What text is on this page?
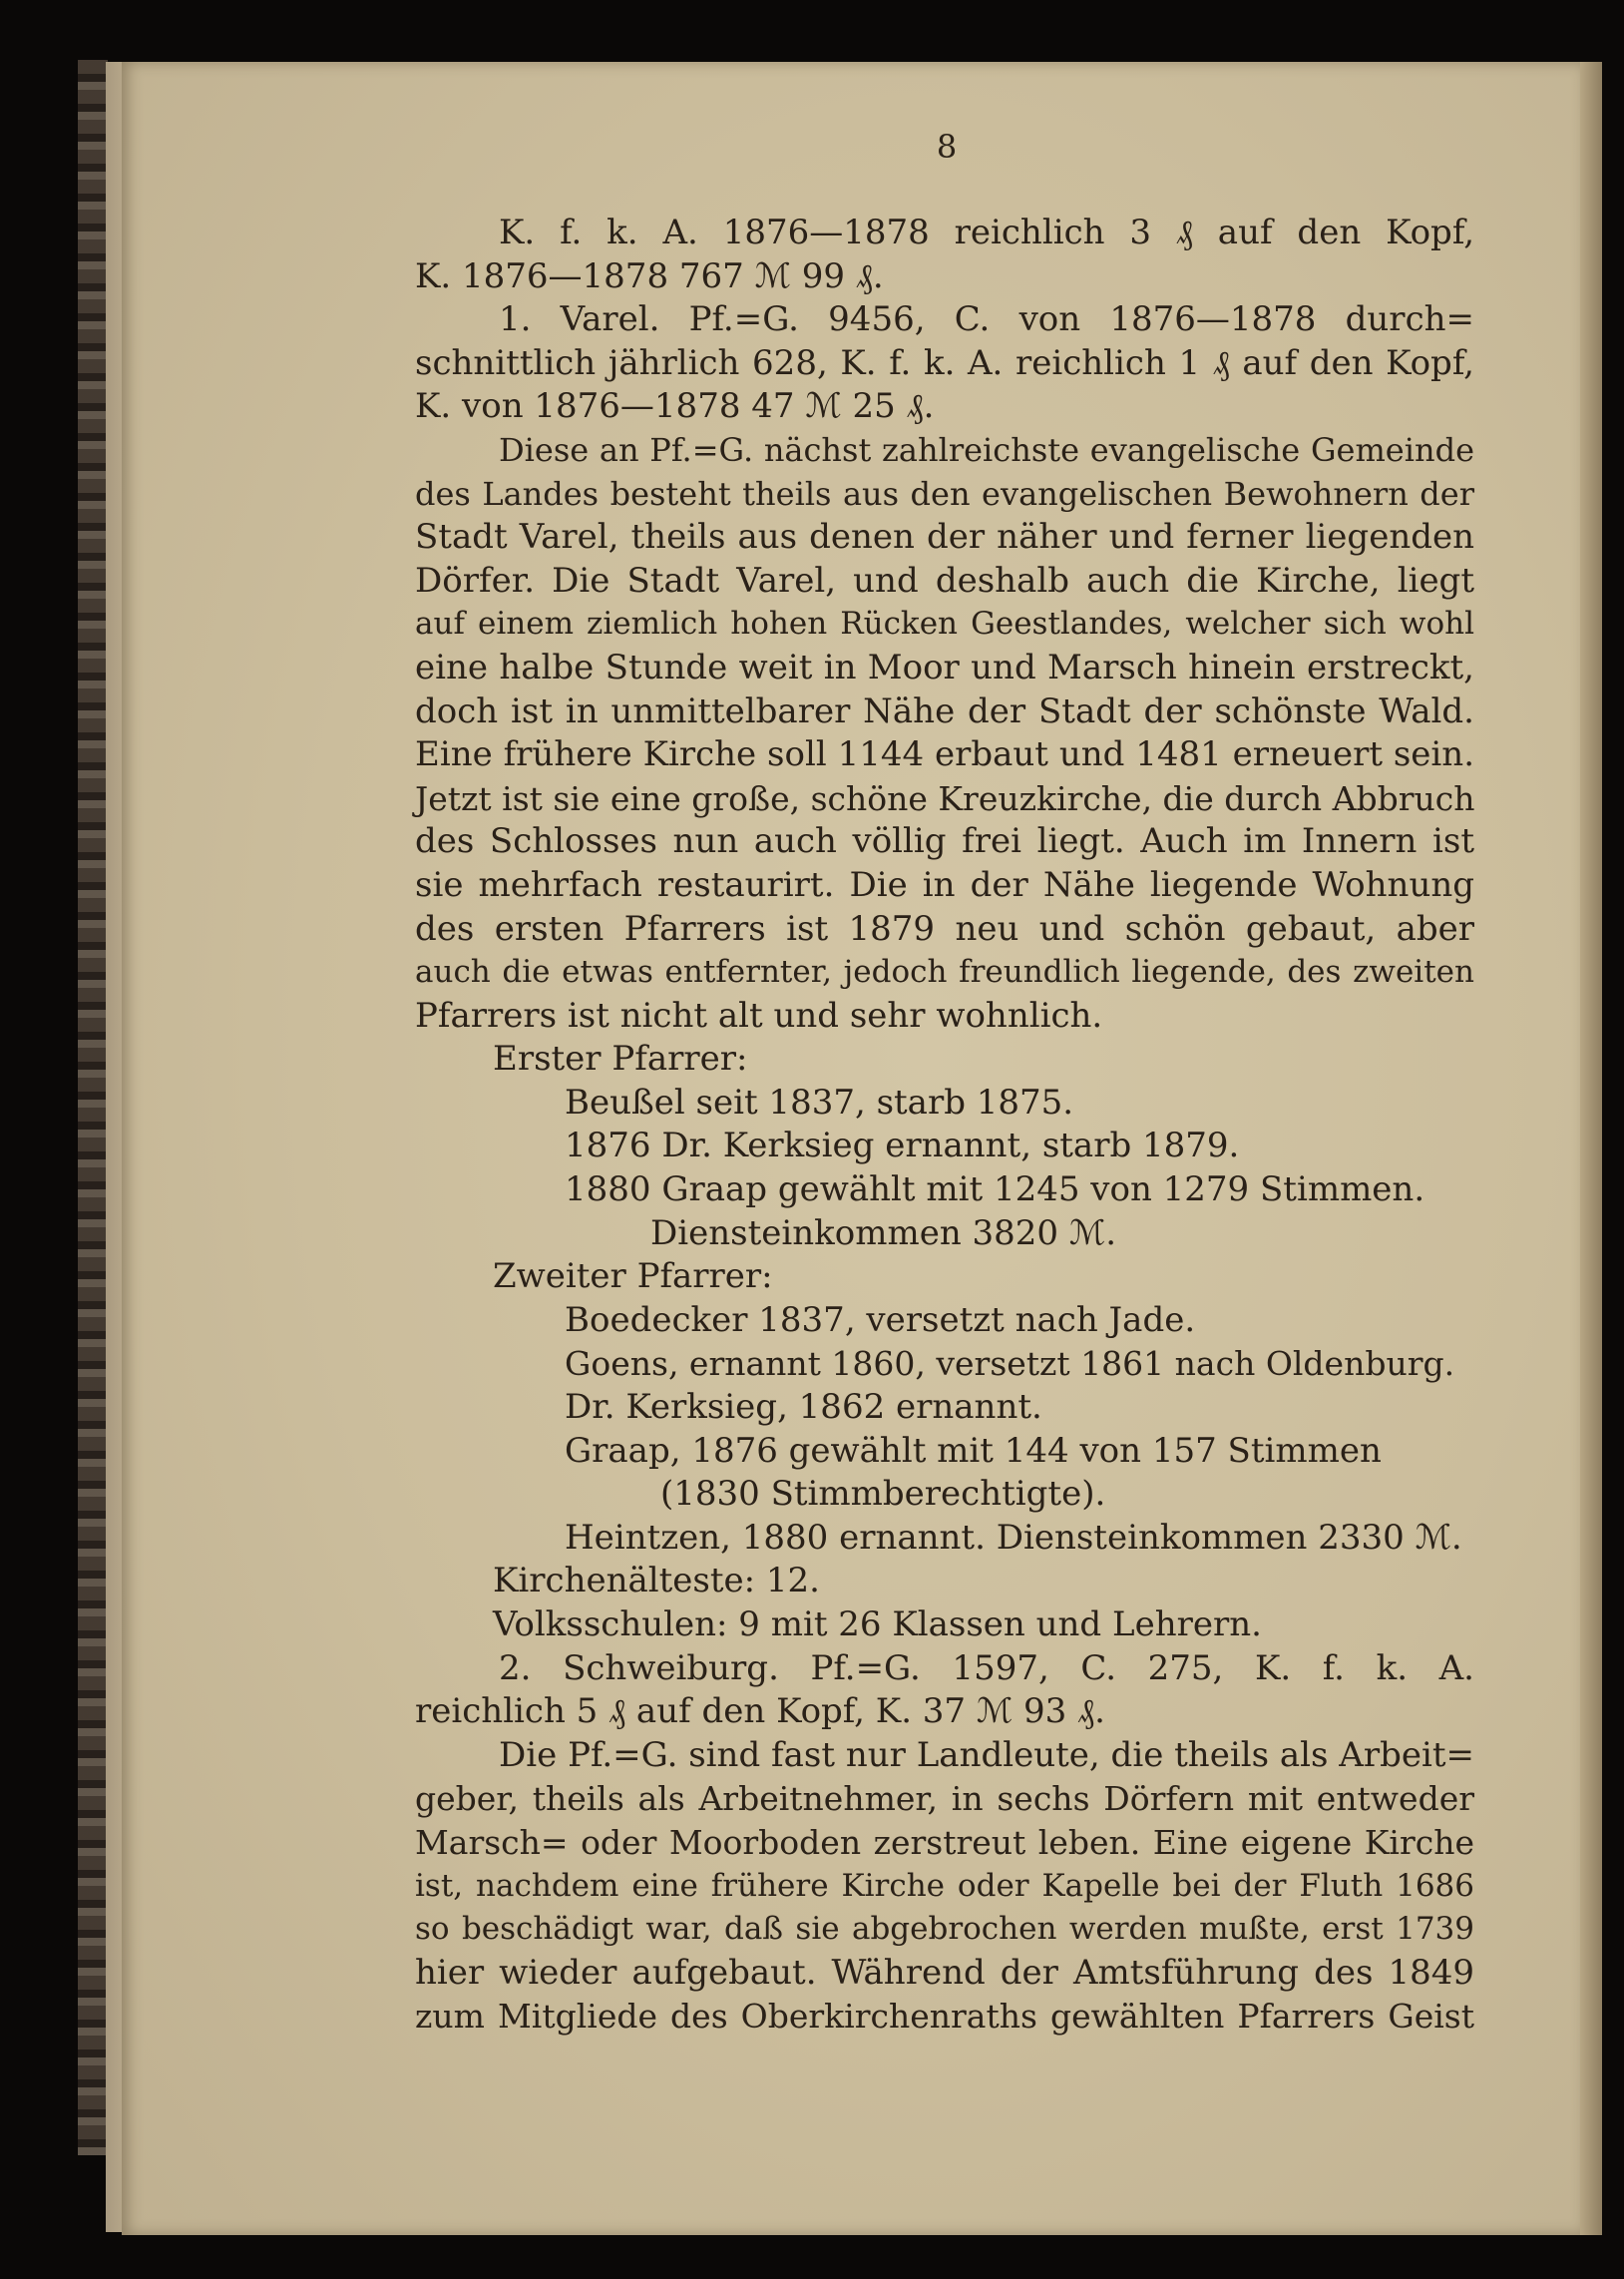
8
K. f. k. A. 1876—1878 reichlich 3 ₰ auf den Kopf,
K. 1876—1878 767 ℳ 99 ₰.
1. Varel. Pf.=G. 9456, C. von 1876—1878 durch=
schnittlich jährlich 628, K. f. k. A. reichlich 1 ₰ auf den Kopf,
K. von 1876—1878 47 ℳ 25 ₰.
Diese an Pf.=G. nächst zahlreichste evangelische Gemeinde
des Landes besteht theils aus den evangelischen Bewohnern der
Stadt Varel, theils aus denen der näher und ferner liegenden
Dörfer. Die Stadt Varel, und deshalb auch die Kirche, liegt
auf einem ziemlich hohen Rücken Geestlandes, welcher sich wohl
eine halbe Stunde weit in Moor und Marsch hinein erstreckt,
doch ist in unmittelbarer Nähe der Stadt der schönste Wald.
Eine frühere Kirche soll 1144 erbaut und 1481 erneuert sein.
Jetzt ist sie eine große, schöne Kreuzkirche, die durch Abbruch
des Schlosses nun auch völlig frei liegt. Auch im Innern ist
sie mehrfach restaurirt. Die in der Nähe liegende Wohnung
des ersten Pfarrers ist 1879 neu und schön gebaut, aber
auch die etwas entfernter, jedoch freundlich liegende, des zweiten
Pfarrers ist nicht alt und sehr wohnlich.
Erster Pfarrer:
Beußel seit 1837, starb 1875.
1876 Dr. Kerksieg ernannt, starb 1879.
1880 Graap gewählt mit 1245 von 1279 Stimmen.
Diensteinkommen 3820 ℳ.
Zweiter Pfarrer:
Boedecker 1837, versetzt nach Jade.
Goens, ernannt 1860, versetzt 1861 nach Oldenburg.
Dr. Kerksieg, 1862 ernannt.
Graap, 1876 gewählt mit 144 von 157 Stimmen
(1830 Stimmberechtigte).
Heintzen, 1880 ernannt. Diensteinkommen 2330 ℳ.
Kirchenälteste: 12.
Volksschulen: 9 mit 26 Klassen und Lehrern.
2. Schweiburg. Pf.=G. 1597, C. 275, K. f. k. A.
reichlich 5 ₰ auf den Kopf, K. 37 ℳ 93 ₰.
Die Pf.=G. sind fast nur Landleute, die theils als Arbeit=
geber, theils als Arbeitnehmer, in sechs Dörfern mit entweder
Marsch= oder Moorboden zerstreut leben. Eine eigene Kirche
ist, nachdem eine frühere Kirche oder Kapelle bei der Fluth 1686
so beschädigt war, daß sie abgebrochen werden mußte, erst 1739
hier wieder aufgebaut. Während der Amtsführung des 1849
zum Mitgliede des Oberkirchenraths gewählten Pfarrers Geist
